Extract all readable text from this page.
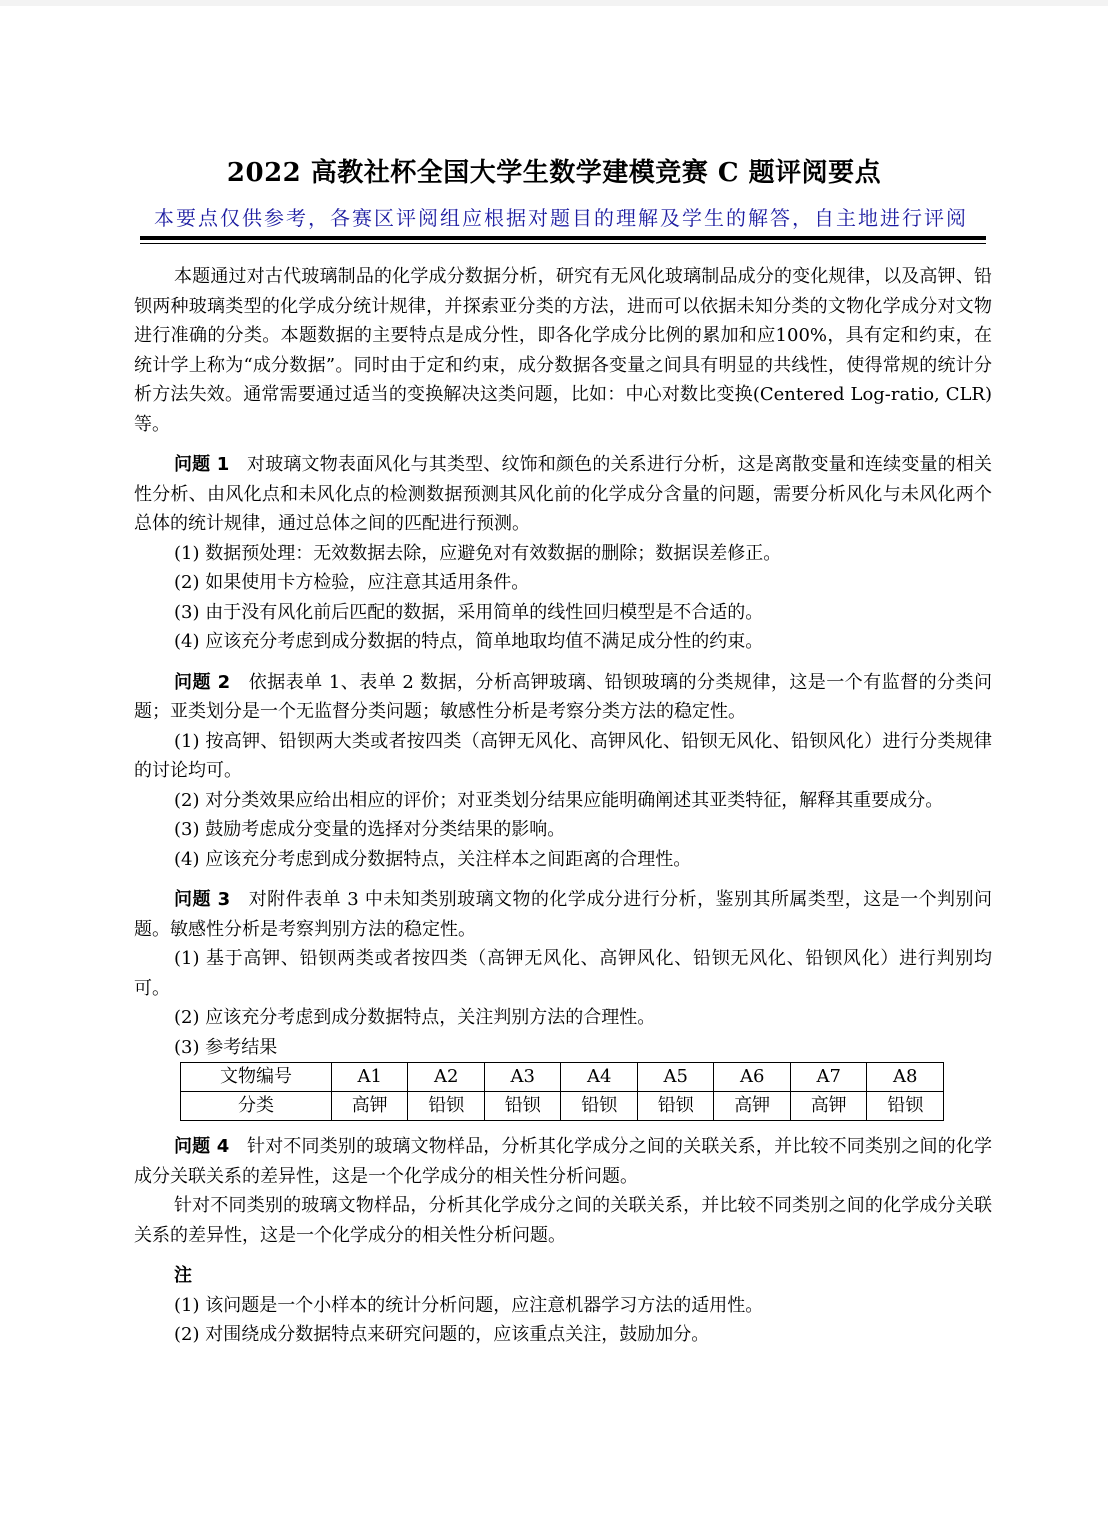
2022 高教社杯全国大学生数学建模竞赛 C 题评阅要点
本要点仅供参考，各赛区评阅组应根据对题目的理解及学生的解答，自主地进行评阅

本题通过对古代玻璃制品的化学成分数据分析，研究有无风化玻璃制品成分的变化规律，以及高钾、铅钡两种玻璃类型的化学成分统计规律，并探索亚分类的方法，进而可以依据未知分类的文物化学成分对文物进行准确的分类。本题数据的主要特点是成分性，即各化学成分比例的累加和应100%，具有定和约束，在统计学上称为“成分数据”。同时由于定和约束，成分数据各变量之间具有明显的共线性，使得常规的统计分析方法失效。通常需要通过适当的变换解决这类问题，比如：中心对数比变换(Centered Log-ratio, CLR)等。

问题 1 对玻璃文物表面风化与其类型、纹饰和颜色的关系进行分析，这是离散变量和连续变量的相关性分析、由风化点和未风化点的检测数据预测其风化前的化学成分含量的问题，需要分析风化与未风化两个总体的统计规律，通过总体之间的匹配进行预测。

(1) 数据预处理：无效数据去除，应避免对有效数据的删除；数据误差修正。

(2) 如果使用卡方检验，应注意其适用条件。

(3) 由于没有风化前后匹配的数据，采用简单的线性回归模型是不合适的。

(4) 应该充分考虑到成分数据的特点，简单地取均值不满足成分性的约束。

问题 2 依据表单 1、表单 2 数据，分析高钾玻璃、铅钡玻璃的分类规律，这是一个有监督的分类问题；亚类划分是一个无监督分类问题；敏感性分析是考察分类方法的稳定性。

(1) 按高钾、铅钡两大类或者按四类（高钾无风化、高钾风化、铅钡无风化、铅钡风化）进行分类规律的讨论均可。

(2) 对分类效果应给出相应的评价；对亚类划分结果应能明确阐述其亚类特征，解释其重要成分。

(3) 鼓励考虑成分变量的选择对分类结果的影响。

(4) 应该充分考虑到成分数据特点，关注样本之间距离的合理性。

问题 3 对附件表单 3 中未知类别玻璃文物的化学成分进行分析，鉴别其所属类型，这是一个判别问题。敏感性分析是考察判别方法的稳定性。

(1) 基于高钾、铅钡两类或者按四类（高钾无风化、高钾风化、铅钡无风化、铅钡风化）进行判别均可。

(2) 应该充分考虑到成分数据特点，关注判别方法的合理性。

(3) 参考结果

文物编号	A1	A2	A3	A4	A5	A6	A7	A8
分类	高钾	铅钡	铅钡	铅钡	铅钡	高钾	高钾	铅钡

问题 4 针对不同类别的玻璃文物样品，分析其化学成分之间的关联关系，并比较不同类别之间的化学成分关联关系的差异性，这是一个化学成分的相关性分析问题。

针对不同类别的玻璃文物样品，分析其化学成分之间的关联关系，并比较不同类别之间的化学成分关联关系的差异性，这是一个化学成分的相关性分析问题。

注

(1) 该问题是一个小样本的统计分析问题，应注意机器学习方法的适用性。

(2) 对围绕成分数据特点来研究问题的，应该重点关注，鼓励加分。
